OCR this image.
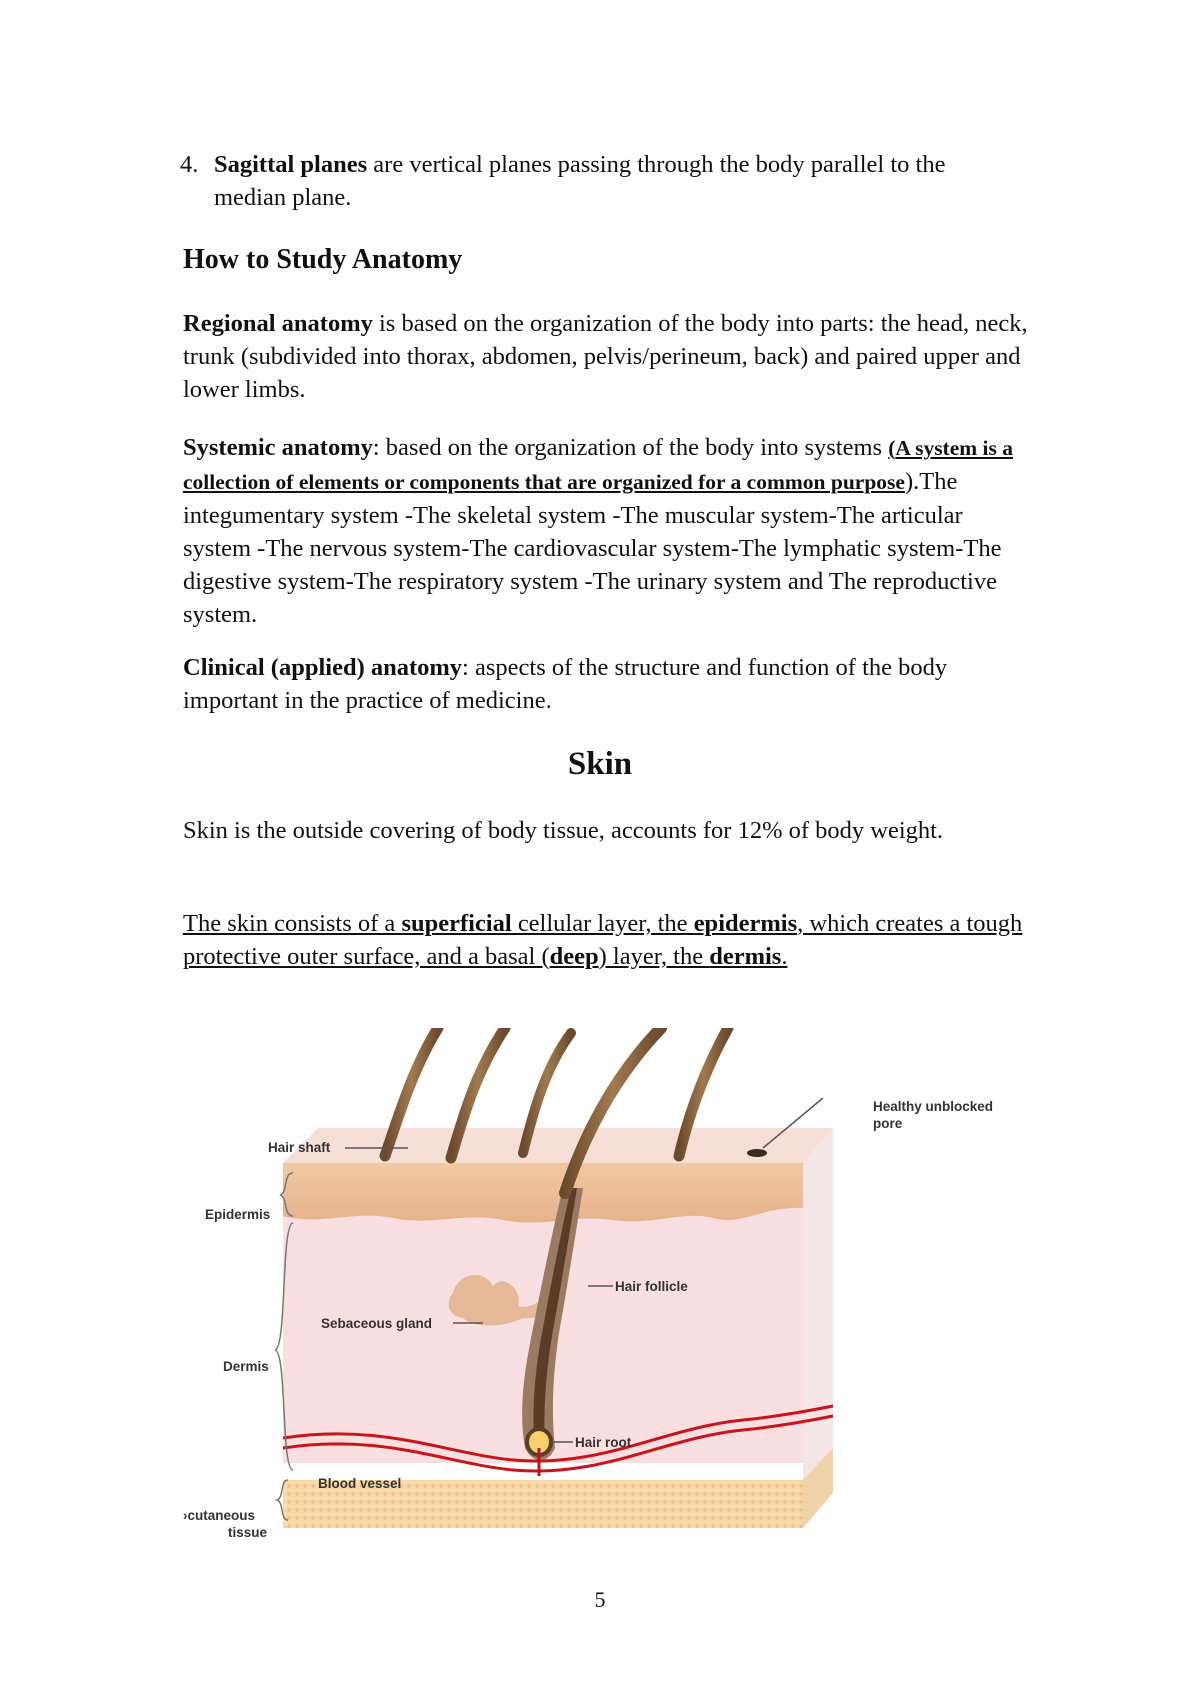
4. Sagittal planes are vertical planes passing through the body parallel to the median plane.
How to Study Anatomy

Regional anatomy is based on the organization of the body into parts: the head, neck, trunk (subdivided into thorax, abdomen, pelvis/perineum, back) and paired upper and lower limbs.

Systemic anatomy: based on the organization of the body into systems (A system is a collection of elements or components that are organized for a common purpose).The integumentary system -The skeletal system -The muscular system-The articular system -The nervous system-The cardiovascular system-The lymphatic system-The digestive system-The respiratory system -The urinary system and The reproductive system.

Clinical (applied) anatomy: aspects of the structure and function of the body important in the practice of medicine.

Skin

Skin is the outside covering of body tissue, accounts for 12% of body weight.

The skin consists of a superficial cellular layer, the epidermis, which creates a tough protective outer surface, and a basal (deep) layer, the dermis.

Hair shaft
Healthy unblocked
pore
Epidermis
Hair follicle
Sebaceous gland
Dermis
Hair root
Blood vessel
›cutaneous
tissue
5
